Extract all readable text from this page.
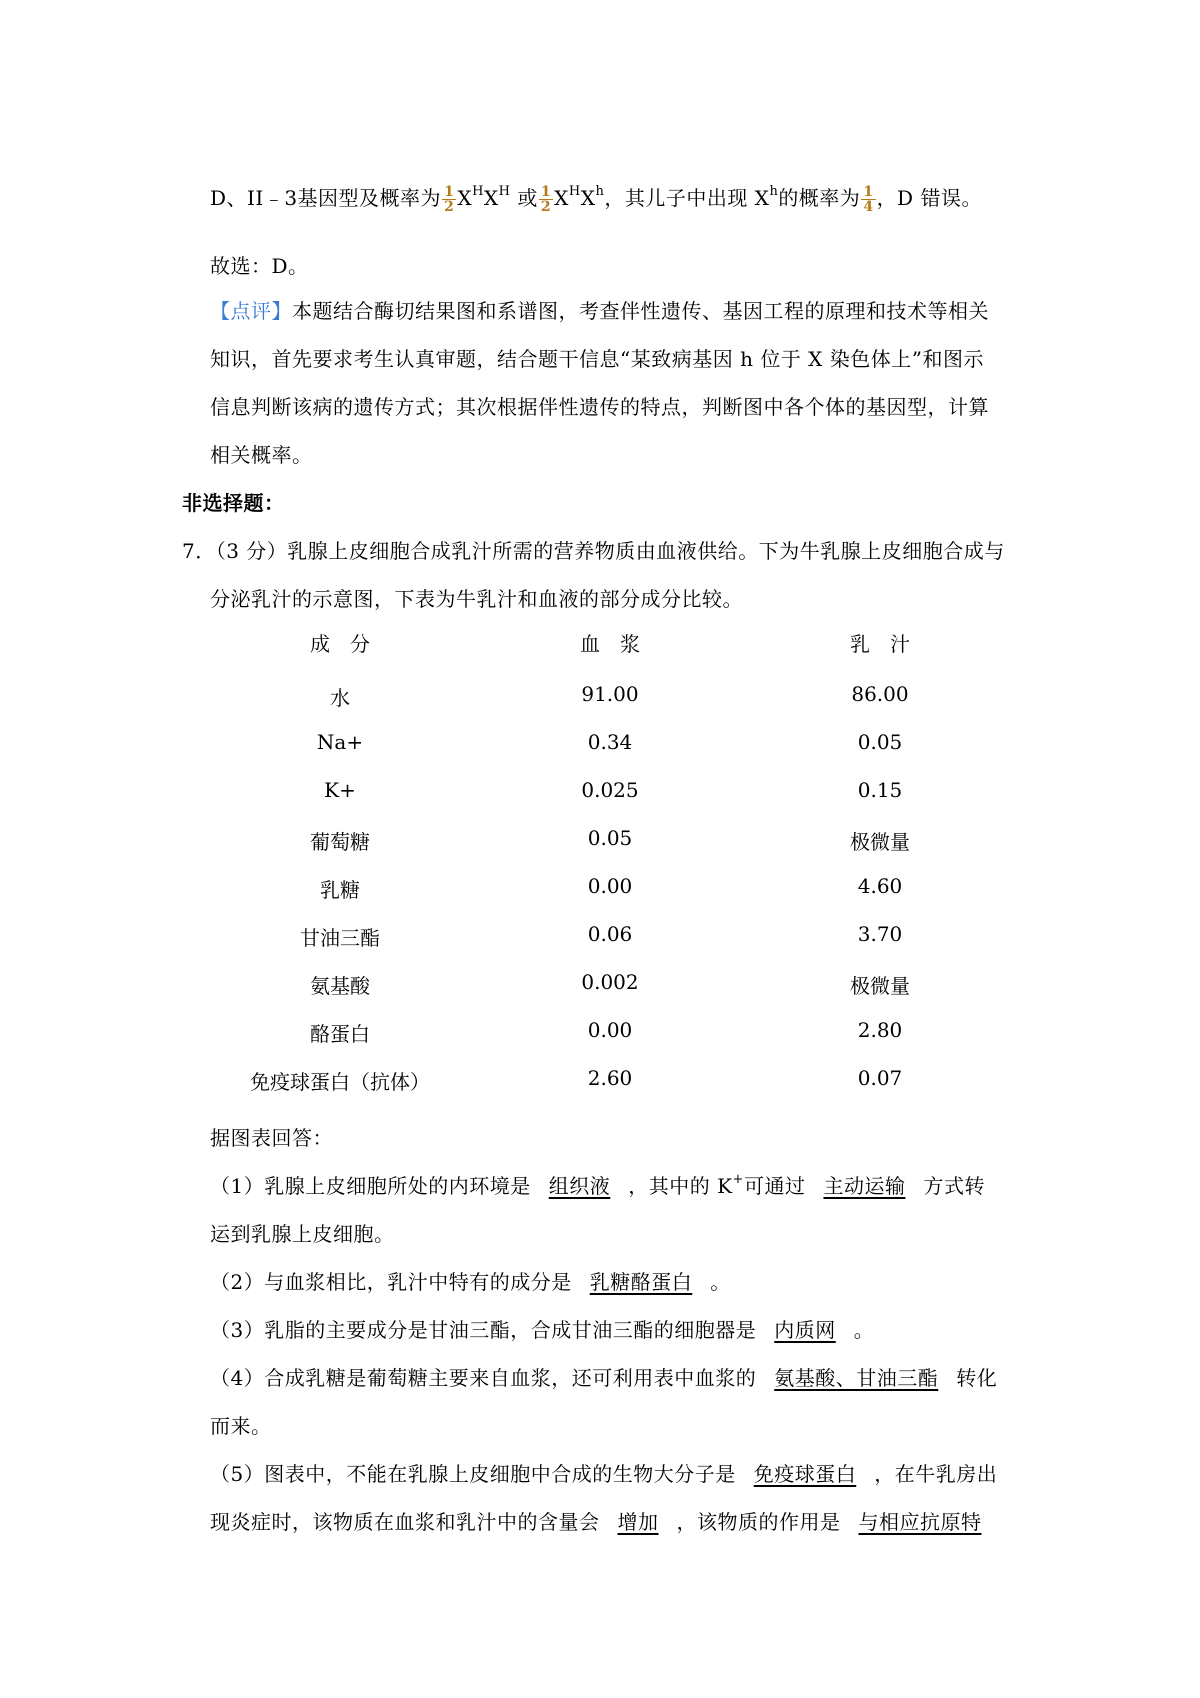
D、II﹣3基因型及概率为 $\frac{1}{2} X^HX^H$ 或 $\frac{1}{2} X^HX^h$，其儿子中出现 $X^h$的概率为 $\frac{1}{4}$ ，D 错误。
故选：D。
【点评】本题结合酶切结果图和系谱图，考查伴性遗传、基因工程的原理和技术等相关
知识，首先要求考生认真审题，结合题干信息“某致病基因 h 位于 X 染色体上”和图示
信息判断该病的遗传方式；其次根据伴性遗传的特点，判断图中各个体的基因型，计算
相关概率。
非选择题：
7．（3 分）乳腺上皮细胞合成乳汁所需的营养物质由血液供给。下为牛乳腺上皮细胞合成与
分泌乳汁的示意图，下表为牛乳汁和血液的部分成分比较。
成　分	血　浆	乳　汁
水	91.00	86.00
Na+	0.34	0.05
K+	0.025	0.15
葡萄糖	0.05	极微量
乳糖	0.00	4.60
甘油三酯	0.06	3.70
氨基酸	0.002	极微量
酪蛋白	0.00	2.80
免疫球蛋白（抗体）	2.60	0.07
据图表回答：
（1）乳腺上皮细胞所处的内环境是 组织液 ，其中的 K+可通过 主动运输 方式转
运到乳腺上皮细胞。
（2）与血浆相比，乳汁中特有的成分是 乳糖酪蛋白 。
（3）乳脂的主要成分是甘油三酯，合成甘油三酯的细胞器是 内质网 。
（4）合成乳糖是葡萄糖主要来自血浆，还可利用表中血浆的 氨基酸、甘油三酯 转化
而来。
（5）图表中，不能在乳腺上皮细胞中合成的生物大分子是 免疫球蛋白 ，在牛乳房出
现炎症时，该物质在血浆和乳汁中的含量会 增加 ，该物质的作用是 与相应抗原特
